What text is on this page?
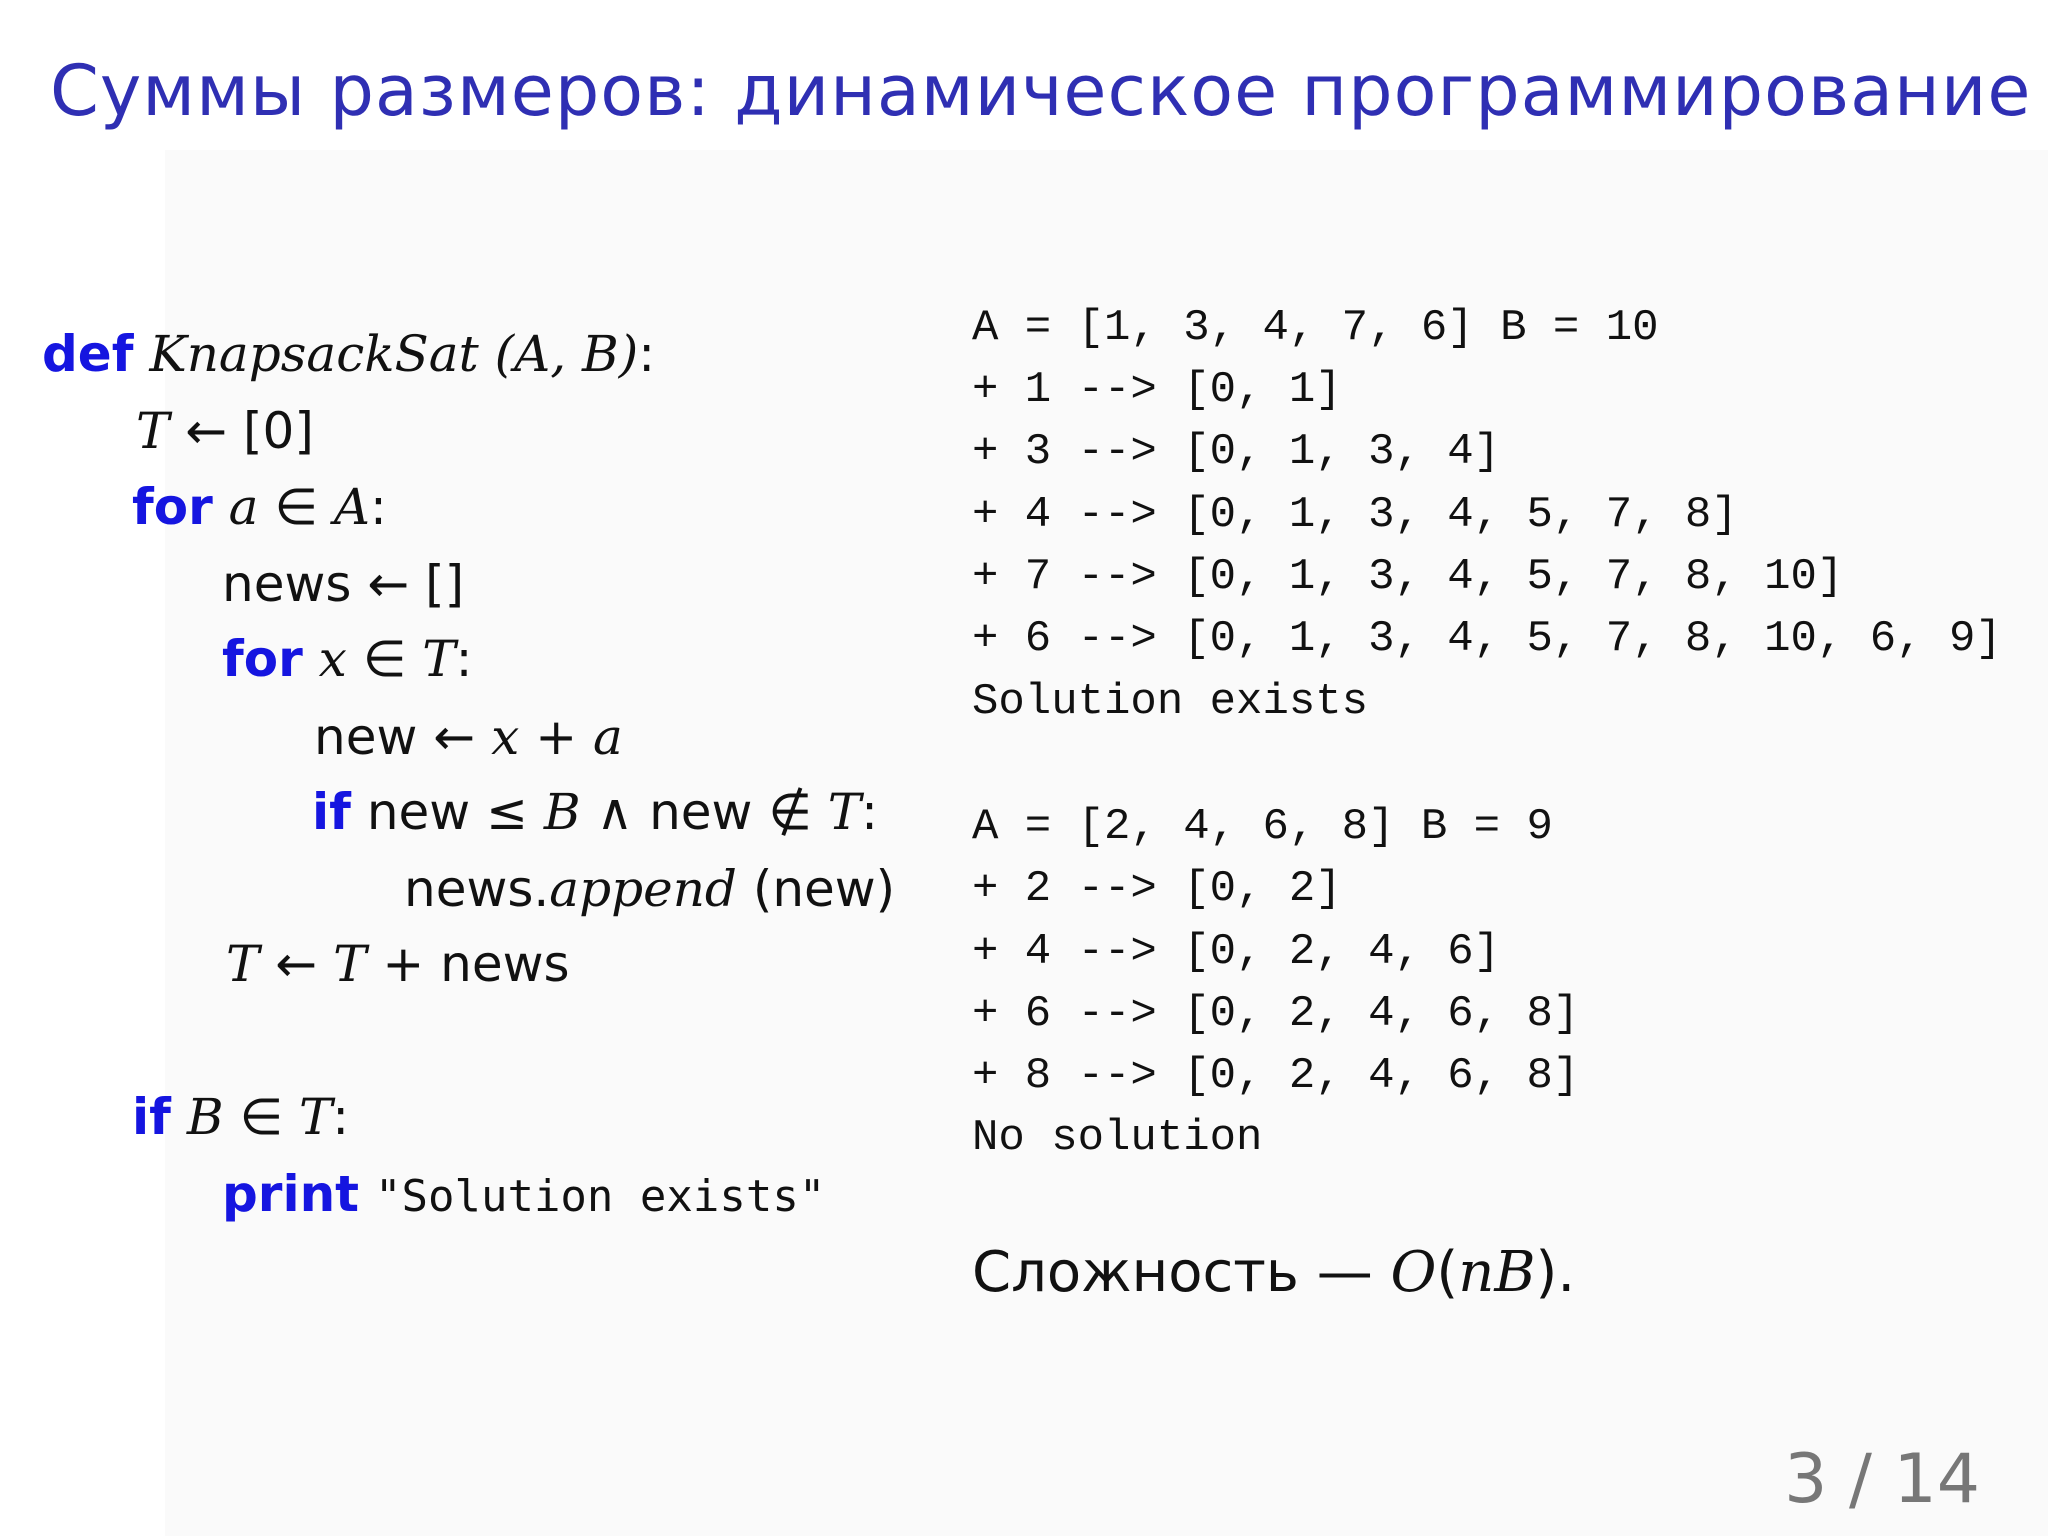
Суммы размеров: динамическое программирование
def KnapsackSat (A, B):
T ← [0]
for a ∈ A:
news ← []
for x ∈ T:
new ← x + a
if new ≤ B ∧ new ∉ T:
news.append (new)
T ← T + news
if B ∈ T:
print "Solution exists"
A = [1, 3, 4, 7, 6] B = 10
+ 1 --> [0, 1]
+ 3 --> [0, 1, 3, 4]
+ 4 --> [0, 1, 3, 4, 5, 7, 8]
+ 7 --> [0, 1, 3, 4, 5, 7, 8, 10]
+ 6 --> [0, 1, 3, 4, 5, 7, 8, 10, 6, 9]
Solution exists
A = [2, 4, 6, 8] B = 9
+ 2 --> [0, 2]
+ 4 --> [0, 2, 4, 6]
+ 6 --> [0, 2, 4, 6, 8]
+ 8 --> [0, 2, 4, 6, 8]
No solution
Сложность — O(nB).
3 / 14
